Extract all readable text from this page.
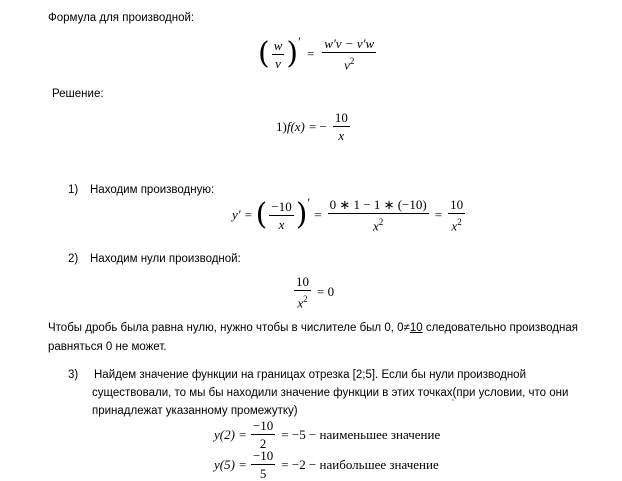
Формула для производной:
( $\frac{w}{v}$ ) ′
= $\frac{w'v - v'w}{v^2}$
Решение:
1) f(x) = − $\frac{10}{x}$
1) Находим производную:
y′ = ( $\frac{-10}{x}$ ) ′
= $\frac{0 ∗ 1 - 1 ∗ (-10)}{x^2} = \frac{10}{x^2}$
2) Находим нули производной:
$\frac{10}{x^2} = 0$
Чтобы дробь была равна нулю, нужно чтобы в числителе был 0, 0≠10 следовательно производная
равняться 0 не может.
3) Найдем значение функции на границах отрезка [2;5]. Если бы нули производной
существовали, то мы бы находили значение функции в этих точках(при условии, что они
принадлежат указанному промежутку)
$y(2) = \frac{-10}{2} = -5$ − наименьшее значение
$y(5) = \frac{-10}{5} = -2$ − наибольшее значение
